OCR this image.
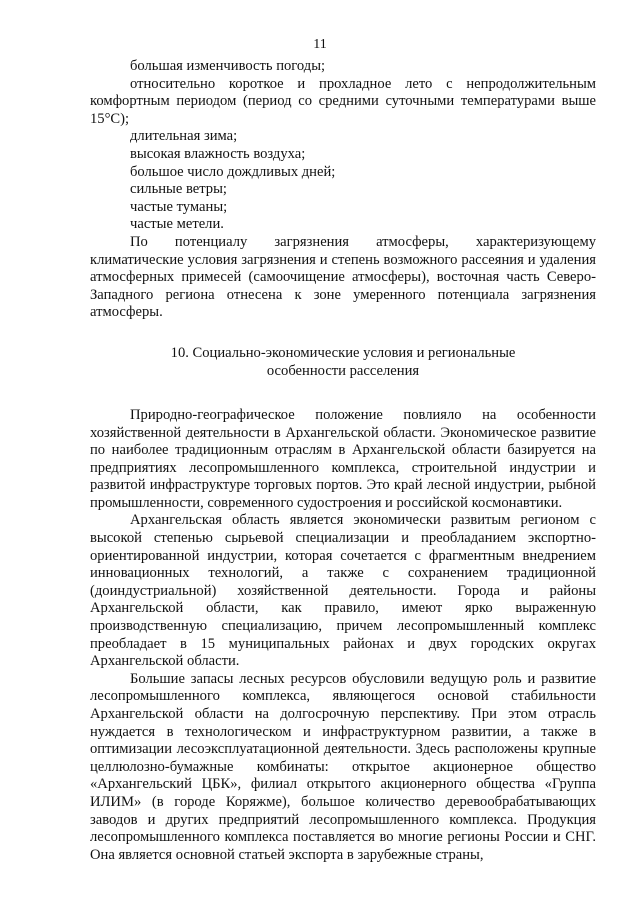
11

большая изменчивость погоды;

относительно короткое и прохладное лето с непродолжительным комфортным периодом (период со средними суточными температурами выше 15°С);

длительная зима;

высокая влажность воздуха;

большое число дождливых дней;

сильные ветры;

частые туманы;

частые метели.

По потенциалу загрязнения атмосферы, характеризующему климатические условия загрязнения и степень возможного рассеяния и удаления атмосферных примесей (самоочищение атмосферы), восточная часть Северо-Западного региона отнесена к зоне умеренного потенциала загрязнения атмосферы.

10. Социально-экономические условия и региональные
особенности расселения

Природно-географическое положение повлияло на особенности хозяйственной деятельности в Архангельской области. Экономическое развитие по наиболее традиционным отраслям в Архангельской области базируется на предприятиях лесопромышленного комплекса, строительной индустрии и развитой инфраструктуре торговых портов. Это край лесной индустрии, рыбной промышленности, современного судостроения и российской космонавтики.

Архангельская область является экономически развитым регионом с высокой степенью сырьевой специализации и преобладанием экспортно-ориентированной индустрии, которая сочетается с фрагментным внедрением инновационных технологий, а также с сохранением традиционной (доиндустриальной) хозяйственной деятельности. Города и районы Архангельской области, как правило, имеют ярко выраженную производственную специализацию, причем лесопромышленный комплекс преобладает в 15 муниципальных районах и двух городских округах Архангельской области.

Большие запасы лесных ресурсов обусловили ведущую роль и развитие лесопромышленного комплекса, являющегося основой стабильности Архангельской области на долгосрочную перспективу. При этом отрасль нуждается в технологическом и инфраструктурном развитии, а также в оптимизации лесоэксплуатационной деятельности. Здесь расположены крупные целлюлозно-бумажные комбинаты: открытое акционерное общество «Архангельский ЦБК», филиал открытого акционерного общества «Группа ИЛИМ» (в городе Коряжме), большое количество деревообрабатывающих заводов и других предприятий лесопромышленного комплекса. Продукция лесопромышленного комплекса поставляется во многие регионы России и СНГ. Она является основной статьей экспорта в зарубежные страны,
